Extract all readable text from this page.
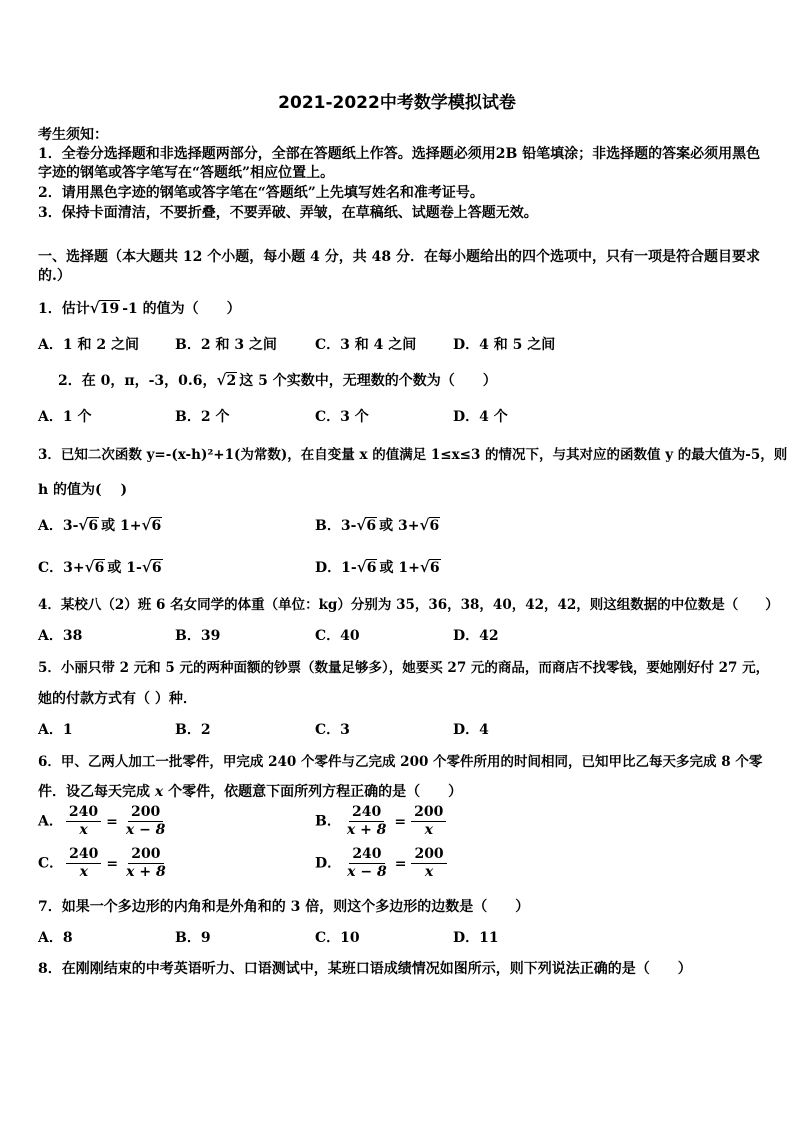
2021-2022中考数学模拟试卷
考生须知：
1．全卷分选择题和非选择题两部分，全部在答题纸上作答。选择题必须用2B 铅笔填涂；非选择题的答案必须用黑色
字迹的钢笔或答字笔写在“答题纸”相应位置上。
2．请用黑色字迹的钢笔或答字笔在“答题纸”上先填写姓名和准考证号。
3．保持卡面清洁，不要折叠，不要弄破、弄皱，在草稿纸、试题卷上答题无效。
一、选择题（本大题共 12 个小题，每小题 4 分，共 48 分．在每小题给出的四个选项中，只有一项是符合题目要求
的.）
1．估计 √ 19 -1 的值为（　　）
A．1 和 2 之间	B．2 和 3 之间	C．3 和 4 之间	D．4 和 5 之间
2．在 0，π，-3，0.6， √ 2 这 5 个实数中，无理数的个数为（　　）
A．1 个	B．2 个	C．3 个	D．4 个
3．已知二次函数 y=-(x-h)²+1(为常数)，在自变量 x 的值满足 1≤x≤3 的情况下，与其对应的函数值 y 的最大值为-5，则
h 的值为(　 )
A．3- √ 6 或 1+ √ 6	B．3- √ 6 或 3+ √ 6
C．3+ √ 6 或 1- √ 6	D．1- √ 6 或 1+ √ 6
4．某校八（2）班 6 名女同学的体重（单位：kg）分别为 35，36，38，40，42，42，则这组数据的中位数是（　　）
A．38	B．39	C．40	D．42
5．小丽只带 2 元和 5 元的两种面额的钞票（数量足够多），她要买 27 元的商品，而商店不找零钱，要她刚好付 27 元，
她的付款方式有（ ）种．
A．1	B．2	C．3	D．4
6．甲、乙两人加工一批零件，甲完成 240 个零件与乙完成 200 个零件所用的时间相同，已知甲比乙每天多完成 8 个零
件．设乙每天完成 x 个零件，依题意下面所列方程正确的是（　　）
A． $\frac{240}{x} = \frac{200}{x - 8}$	B． $\frac{240}{x + 8} = \frac{200}{x}$
C． $\frac{240}{x} = \frac{200}{x + 8}$	D． $\frac{240}{x - 8} = \frac{200}{x}$
7．如果一个多边形的内角和是外角和的 3 倍，则这个多边形的边数是（　　）
A．8	B．9	C．10	D．11
8．在刚刚结束的中考英语听力、口语测试中，某班口语成绩情况如图所示，则下列说法正确的是（　　）
